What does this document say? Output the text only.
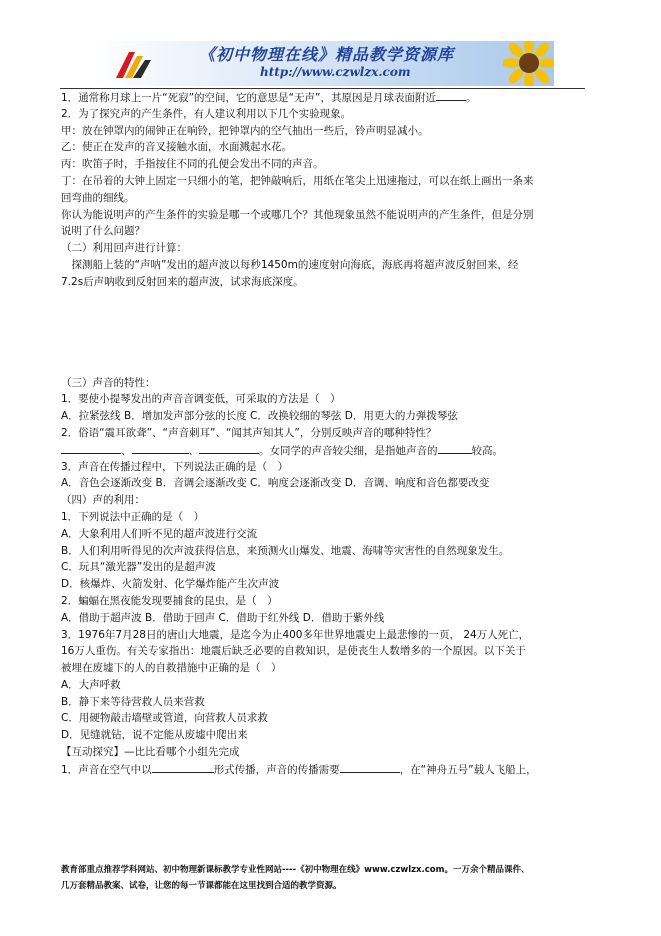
《初中物理在线》精品教学资源库
http://www.czwlzx.com
1．通常称月球上一片“死寂”的空间，它的意思是“无声”，其原因是月球表面附近	。
2．为了探究声的产生条件，有人建议利用以下几个实验现象。
甲：放在钟罩内的闹钟正在响铃，把钟罩内的空气抽出一些后，铃声明显减小。
乙：使正在发声的音叉接触水面，水面溅起水花。
丙：吹笛子时，手指按住不同的孔便会发出不同的声音。
丁：在吊着的大钟上固定一只细小的笔，把钟敲响后，用纸在笔尖上迅速拖过，可以在纸上画出一条来
回弯曲的细线。
你认为能说明声的产生条件的实验是哪一个或哪几个？其他现象虽然不能说明声的产生条件，但是分别
说明了什么问题？
（二）利用回声进行计算：
　探测船上装的“声呐”发出的超声波以每秒1450m的速度射向海底，海底再将超声波反射回来，经
7.2s后声呐收到反射回来的超声波，试求海底深度。
（三）声音的特性：
1．要使小提琴发出的声音音调变低，可采取的方法是（　）
A．拉紧弦线 B．增加发声部分弦的长度 C．改换较细的琴弦 D．用更大的力弹拨琴弦
2．俗语“震耳欲聋”、“声音刺耳”、“闻其声知其人”，分别反映声音的哪种特性？
、	、	。女同学的声音较尖细，是指她声音的	较高。
3．声音在传播过程中，下列说法正确的是（　）
A．音色会逐渐改变 B．音调会逐渐改变 C．响度会逐渐改变 D．音调、响度和音色都要改变
（四）声的利用：
1．下列说法中正确的是（　）
A．大象利用人们听不见的超声波进行交流
B．人们利用听得见的次声波获得信息，来预测火山爆发、地震、海啸等灾害性的自然现象发生。
C．玩具“激光器”发出的是超声波
D．核爆炸、火箭发射、化学爆炸能产生次声波
2．蝙蝠在黑夜能发现要捕食的昆虫，是（　）
A．借助于超声波 B．借助于回声 C．借助于红外线 D．借助于紫外线
3．1976年7月28日的唐山大地震，是迄今为止400多年世界地震史上最悲惨的一页， 24万人死亡，
16万人重伤。有关专家指出：地震后缺乏必要的自救知识，是使丧生人数增多的一个原因。以下关于
被埋在废墟下的人的自救措施中正确的是（　）
A．大声呼救
B．静下来等待营救人员来营救
C．用硬物敲击墙壁或管道，向营救人员求救
D．见缝就钻，说不定能从废墟中爬出来
【互动探究】—比比看哪个小组先完成
1．声音在空气中以	形式传播，声音的传播需要	，在“神舟五号”载人飞船上，
教育部重点推荐学科网站、初中物理新课标教学专业性网站----《初中物理在线》www.czwlzx.com。一万余个精品课件、
几万套精品教案、试卷，让您的每一节课都能在这里找到合适的教学资源。
